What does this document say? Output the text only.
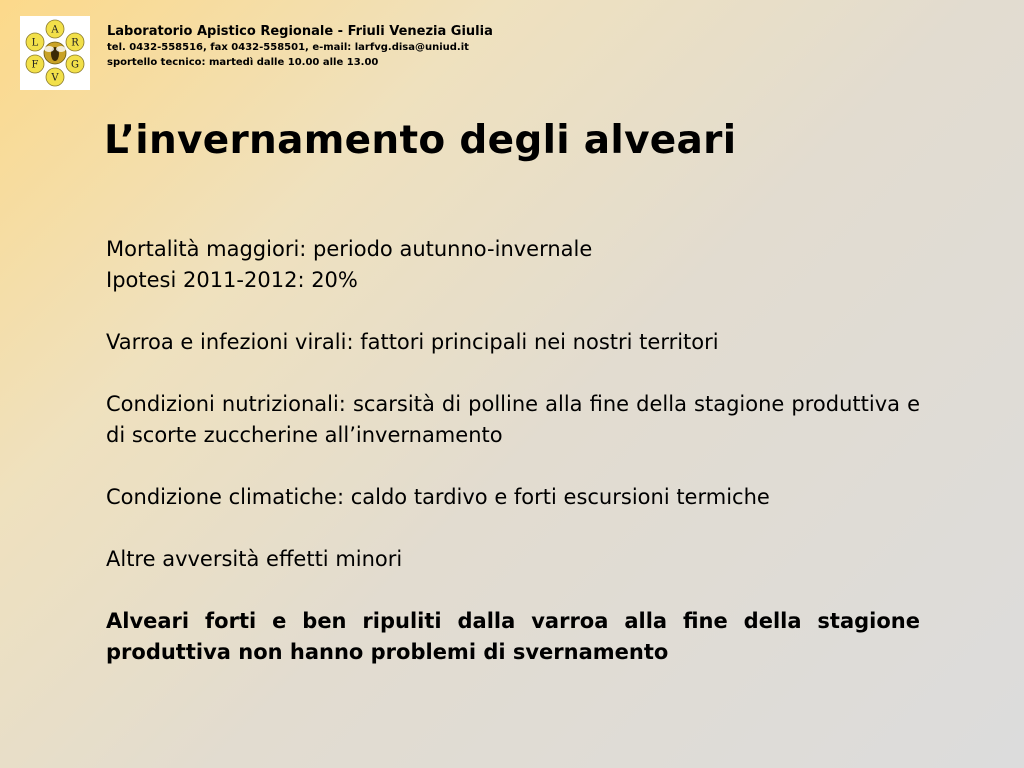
A
R
G
V
F
L
Laboratorio Apistico Regionale - Friuli Venezia Giulia
tel. 0432-558516, fax 0432-558501, e-mail: larfvg.disa@uniud.it
sportello tecnico: martedì dalle 10.00 alle 13.00
L’invernamento degli alveari

Mortalità maggiori: periodo autunno-invernale

Ipotesi 2011-2012: 20%

Varroa e infezioni virali: fattori principali nei nostri territori

Condizioni nutrizionali: scarsità di polline alla fine della stagione produttiva e di scorte zuccherine all’invernamento

Condizione climatiche: caldo tardivo e forti escursioni termiche

Altre avversità effetti minori

Alveari forti e ben ripuliti dalla varroa alla fine della stagione produttiva non hanno problemi di svernamento
